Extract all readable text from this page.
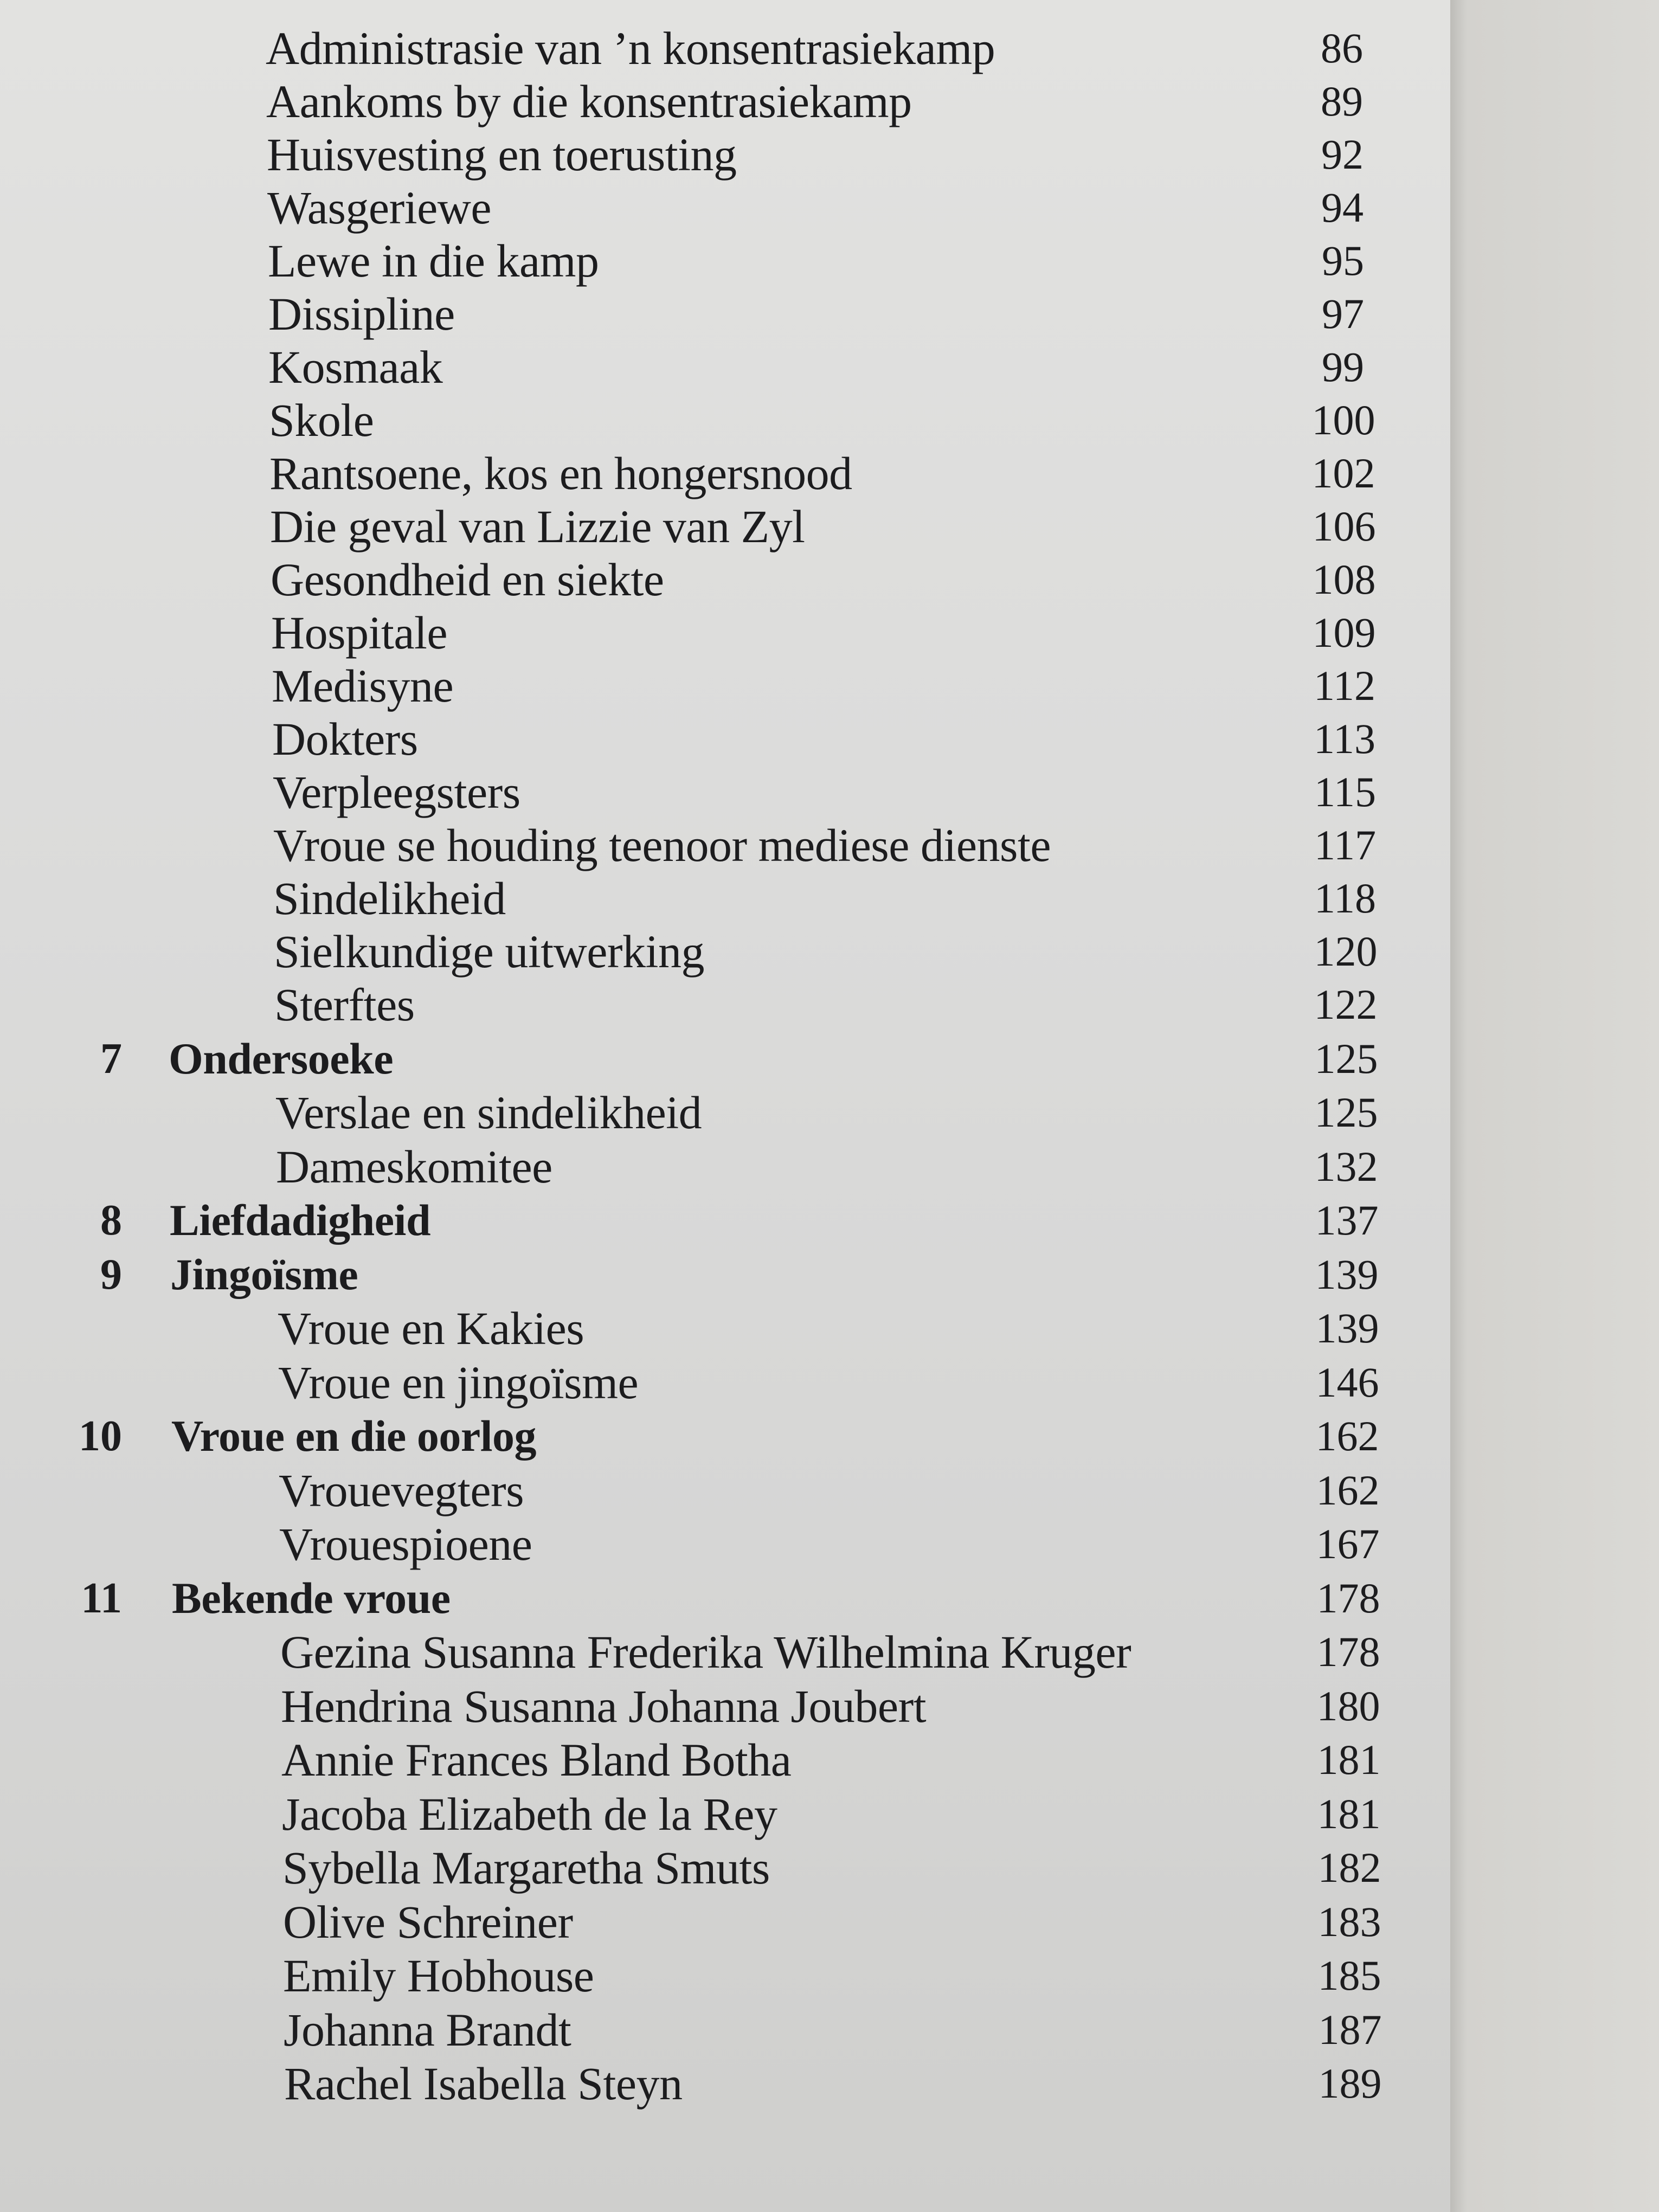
Administrasie van ’n konsentrasiekamp	86
Aankoms by die konsentrasiekamp	89
Huisvesting en toerusting	92
Wasgeriewe	94
Lewe in die kamp	95
Dissipline	97
Kosmaak	99
Skole	100
Rantsoene, kos en hongersnood	102
Die geval van Lizzie van Zyl	106
Gesondheid en siekte	108
Hospitale	109
Medisyne	112
Dokters	113
Verpleegsters	115
Vroue se houding teenoor mediese dienste	117
Sindelikheid	118
Sielkundige uitwerking	120
Sterftes	122
7 Ondersoeke	125
Verslae en sindelikheid	125
Dameskomitee	132
8 Liefdadigheid	137
9 Jingoïsme	139
Vroue en Kakies	139
Vroue en jingoïsme	146
10 Vroue en die oorlog	162
Vrouevegters	162
Vrouespioene	167
11 Bekende vroue	178
Gezina Susanna Frederika Wilhelmina Kruger	178
Hendrina Susanna Johanna Joubert	180
Annie Frances Bland Botha	181
Jacoba Elizabeth de la Rey	181
Sybella Margaretha Smuts	182
Olive Schreiner	183
Emily Hobhouse	185
Johanna Brandt	187
Rachel Isabella Steyn	189
